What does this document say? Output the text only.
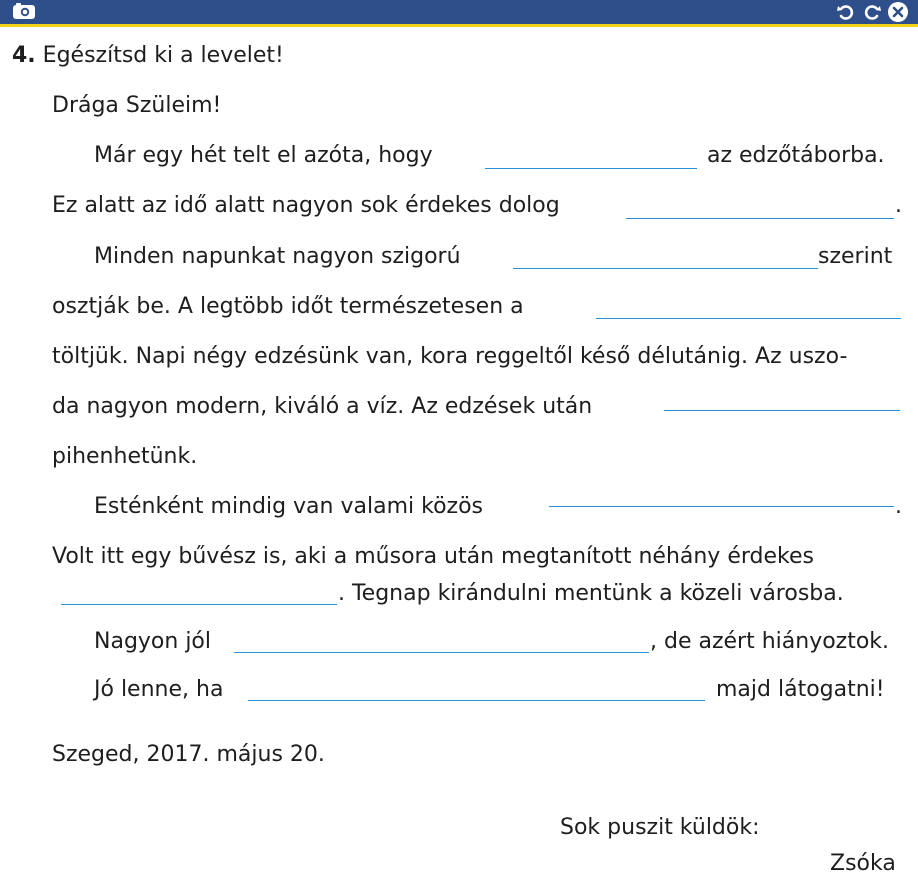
4. Egészítsd ki a levelet!
Drága Szüleim!
Már egy hét telt el azóta, hogy	az edzőtáborba.
Ez alatt az idő alatt nagyon sok érdekes dolog	.
Minden napunkat nagyon szigorú	szerint
osztják be. A legtöbb időt természetesen a
töltjük. Napi négy edzésünk van, kora reggeltől késő délutánig. Az uszo-
da nagyon modern, kiváló a víz. Az edzések után
pihenhetünk.
Esténként mindig van valami közös	.
Volt itt egy bűvész is, aki a műsora után megtanított néhány érdekes
. Tegnap kirándulni mentünk a közeli városba.
Nagyon jól	, de azért hiányoztok.
Jó lenne, ha	majd látogatni!
Szeged, 2017. május 20.
Sok puszit küldök:
Zsóka
